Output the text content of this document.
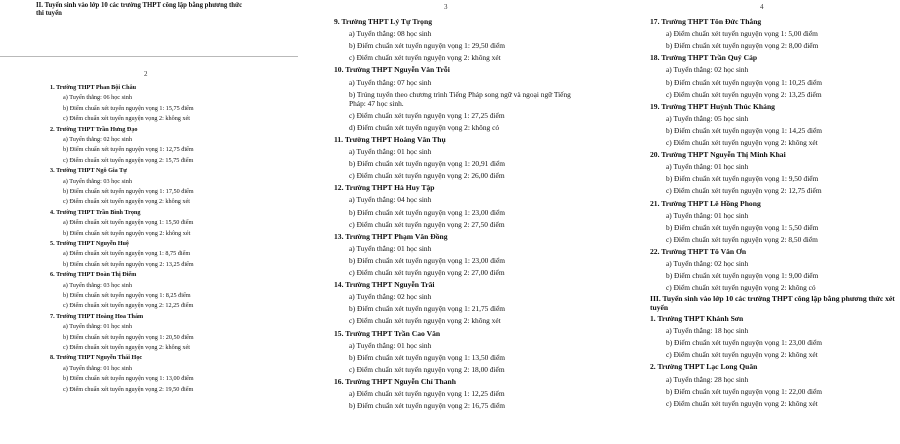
II. Tuyển sinh vào lớp 10 các trường THPT công lập bằng phương thức
thi tuyển
2
1. Trường THPT Phan Bội Châu
a) Tuyển thẳng: 06 học sinh
b) Điểm chuẩn xét tuyển nguyện vọng 1: 15,75 điểm
c) Điểm chuẩn xét tuyển nguyện vọng 2: không xét
2. Trường THPT Trần Hưng Đạo
a) Tuyển thẳng: 02 học sinh
b) Điểm chuẩn xét tuyển nguyện vọng 1: 12,75 điểm
c) Điểm chuẩn xét tuyển nguyện vọng 2: 15,75 điểm
3. Trường THPT Ngô Gia Tự
a) Tuyển thẳng: 03 học sinh
b) Điểm chuẩn xét tuyển nguyện vọng 1: 17,50 điểm
c) Điểm chuẩn xét tuyển nguyện vọng 2: không xét
4. Trường THPT Trần Bình Trọng
a) Điểm chuẩn xét tuyển nguyện vọng 1: 15,50 điểm
b) Điểm chuẩn xét tuyển nguyện vọng 2: không xét
5. Trường THPT Nguyễn Huệ
a) Điểm chuẩn xét tuyển nguyện vọng 1: 8,75 điểm
b) Điểm chuẩn xét tuyển nguyện vọng 2: 13,25 điểm
6. Trường THPT Đoàn Thị Điểm
a) Tuyển thẳng: 03 học sinh
b) Điểm chuẩn xét tuyển nguyện vọng 1: 8,25 điểm
c) Điểm chuẩn xét tuyển nguyện vọng 2: 12,25 điểm
7. Trường THPT Hoàng Hoa Thám
a) Tuyển thẳng: 01 học sinh
b) Điểm chuẩn xét tuyển nguyện vọng 1: 20,50 điểm
c) Điểm chuẩn xét tuyển nguyện vọng 2: không xét
8. Trường THPT Nguyễn Thái Học
a) Tuyển thẳng: 01 học sinh
b) Điểm chuẩn xét tuyển nguyện vọng 1: 13,00 điểm
c) Điểm chuẩn xét tuyển nguyện vọng 2: 19,50 điểm
3
9. Trường THPT Lý Tự Trọng
a) Tuyển thẳng: 08 học sinh
b) Điểm chuẩn xét tuyển nguyện vọng 1: 29,50 điểm
c) Điểm chuẩn xét tuyển nguyện vọng 2: không xét
10. Trường THPT Nguyễn Văn Trỗi
a) Tuyển thẳng: 07 học sinh
b) Trúng tuyển theo chương trình Tiếng Pháp song ngữ và ngoại ngữ Tiếng Pháp: 47 học sinh.
c) Điểm chuẩn xét tuyển nguyện vọng 1: 27,25 điểm
d) Điểm chuẩn xét tuyển nguyện vọng 2: không có
11. Trường THPT Hoàng Văn Thụ
a) Tuyển thẳng: 01 học sinh
b) Điểm chuẩn xét tuyển nguyện vọng 1: 20,91 điểm
c) Điểm chuẩn xét tuyển nguyện vọng 2: 26,00 điểm
12. Trường THPT Hà Huy Tập
a) Tuyển thẳng: 04 học sinh
b) Điểm chuẩn xét tuyển nguyện vọng 1: 23,00 điểm
c) Điểm chuẩn xét tuyển nguyện vọng 2: 27,50 điểm
13. Trường THPT Phạm Văn Đồng
a) Tuyển thẳng: 01 học sinh
b) Điểm chuẩn xét tuyển nguyện vọng 1: 23,00 điểm
c) Điểm chuẩn xét tuyển nguyện vọng 2: 27,00 điểm
14. Trường THPT Nguyễn Trãi
a) Tuyển thẳng: 02 học sinh
b) Điểm chuẩn xét tuyển nguyện vọng 1: 21,75 điểm
c) Điểm chuẩn xét tuyển nguyện vọng 2: không xét
15. Trường THPT Trần Cao Vân
a) Tuyển thẳng: 01 học sinh
b) Điểm chuẩn xét tuyển nguyện vọng 1: 13,50 điểm
c) Điểm chuẩn xét tuyển nguyện vọng 2: 18,00 điểm
16. Trường THPT Nguyễn Chí Thanh
a) Điểm chuẩn xét tuyển nguyện vọng 1: 12,25 điểm
b) Điểm chuẩn xét tuyển nguyện vọng 2: 16,75 điểm
4
17. Trường THPT Tôn Đức Thắng
a) Điểm chuẩn xét tuyển nguyện vọng 1: 5,00 điểm
b) Điểm chuẩn xét tuyển nguyện vọng 2: 8,00 điểm
18. Trường THPT Trần Quý Cáp
a) Tuyển thẳng: 02 học sinh
b) Điểm chuẩn xét tuyển nguyện vọng 1: 10,25 điểm
c) Điểm chuẩn xét tuyển nguyện vọng 2: 13,25 điểm
19. Trường THPT Huỳnh Thúc Kháng
a) Tuyển thẳng: 05 học sinh
b) Điểm chuẩn xét tuyển nguyện vọng 1: 14,25 điểm
c) Điểm chuẩn xét tuyển nguyện vọng 2: không xét
20. Trường THPT Nguyễn Thị Minh Khai
a) Tuyển thẳng: 01 học sinh
b) Điểm chuẩn xét tuyển nguyện vọng 1: 9,50 điểm
c) Điểm chuẩn xét tuyển nguyện vọng 2: 12,75 điểm
21. Trường THPT Lê Hồng Phong
a) Tuyển thẳng: 01 học sinh
b) Điểm chuẩn xét tuyển nguyện vọng 1: 5,50 điểm
c) Điểm chuẩn xét tuyển nguyện vọng 2: 8,50 điểm
22. Trường THPT Tô Văn Ơn
a) Tuyển thẳng: 02 học sinh
b) Điểm chuẩn xét tuyển nguyện vọng 1: 9,00 điểm
c) Điểm chuẩn xét tuyển nguyện vọng 2: không có
III. Tuyển sinh vào lớp 10 các trường THPT công lập bằng phương thức xét tuyển
1. Trường THPT Khánh Sơn
a) Tuyển thẳng: 18 học sinh
b) Điểm chuẩn xét tuyển nguyện vọng 1: 23,00 điểm
c) Điểm chuẩn xét tuyển nguyện vọng 2: không xét
2. Trường THPT Lạc Long Quân
a) Tuyển thẳng: 28 học sinh
b) Điểm chuẩn xét tuyển nguyện vọng 1: 22,00 điểm
c) Điểm chuẩn xét tuyển nguyện vọng 2: không xét
